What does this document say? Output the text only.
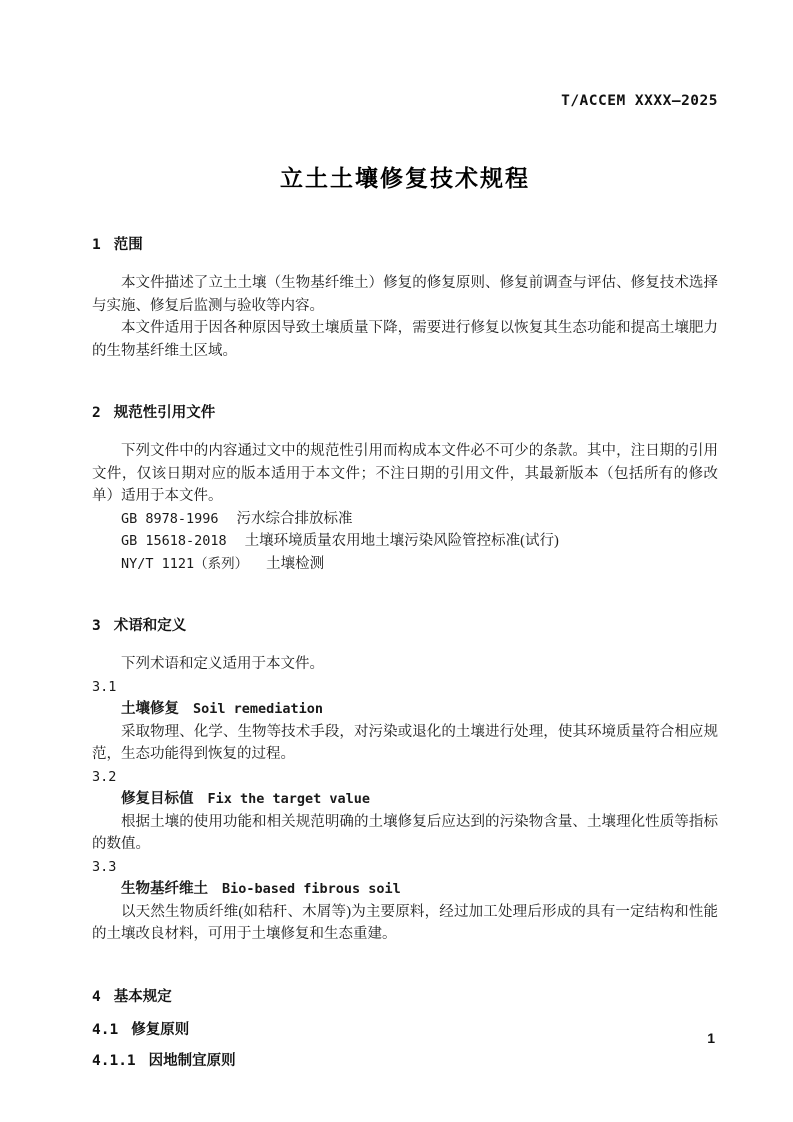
T/ACCEM XXXX—2025
立土土壤修复技术规程
1 范围

本文件描述了立土土壤（生物基纤维土）修复的修复原则、修复前调查与评估、修复技术选择与实施、修复后监测与验收等内容。

本文件适用于因各种原因导致土壤质量下降，需要进行修复以恢复其生态功能和提高土壤肥力的生物基纤维土区域。

2 规范性引用文件

下列文件中的内容通过文中的规范性引用而构成本文件必不可少的条款。其中，注日期的引用文件，仅该日期对应的版本适用于本文件；不注日期的引用文件，其最新版本（包括所有的修改单）适用于本文件。

GB 8978-1996 污水综合排放标准
GB 15618-2018 土壤环境质量农用地土壤污染风险管控标准(试行)
NY/T 1121（系列） 土壤检测
3 术语和定义

下列术语和定义适用于本文件。

3.1
土壤修复 Soil remediation

采取物理、化学、生物等技术手段，对污染或退化的土壤进行处理，使其环境质量符合相应规范，生态功能得到恢复的过程。

3.2
修复目标值 Fix the target value

根据土壤的使用功能和相关规范明确的土壤修复后应达到的污染物含量、土壤理化性质等指标的数值。

3.3
生物基纤维土 Bio-based fibrous soil

以天然生物质纤维(如秸秆、木屑等)为主要原料，经过加工处理后形成的具有一定结构和性能的土壤改良材料，可用于土壤修复和生态重建。

4 基本规定
4.1 修复原则
4.1.1 因地制宜原则
1
